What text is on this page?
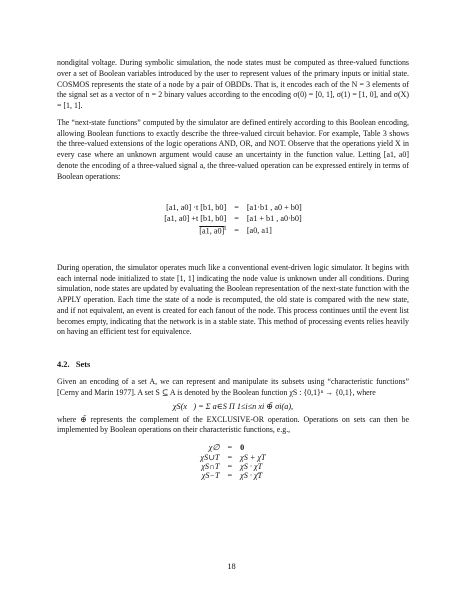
nondigital voltage. During symbolic simulation, the node states must be computed as three-valued functions over a set of Boolean variables introduced by the user to represent values of the primary inputs or initial state. COSMOS represents the state of a node by a pair of OBDDs. That is, it encodes each of the N = 3 elements of the signal set as a vector of n = 2 binary values according to the encoding σ(0) = [0, 1], σ(1) = [1, 0], and σ(X) = [1, 1].

The “next-state functions” computed by the simulator are defined entirely according to this Boolean encoding, allowing Boolean functions to exactly describe the three-valued circuit behavior. For example, Table 3 shows the three-valued extensions of the logic operations AND, OR, and NOT. Observe that the operations yield X in every case where an unknown argument would cause an uncertainty in the function value. Letting [a1, a0] denote the encoding of a three-valued signal a, the three-valued operation can be expressed entirely in terms of Boolean operations:

[a1, a0] ·t [b1, b0]	=	[a1·b1 , a0 + b0]
[a1, a0] +t [b1, b0]	=	[a1 + b1 , a0·b0]
[a1, a0]$^t$	=	[a0, a1]

During operation, the simulator operates much like a conventional event-driven logic simulator. It begins with each internal node initialized to state [1, 1] indicating the node value is unknown under all conditions. During simulation, node states are updated by evaluating the Boolean representation of the next-state function with the APPLY operation. Each time the state of a node is recomputed, the old state is compared with the new state, and if not equivalent, an event is created for each fanout of the node. This process continues until the event list becomes empty, indicating that the network is in a stable state. This method of processing events relies heavily on having an efficient test for equivalence.

4.2. Sets

Given an encoding of a set A, we can represent and manipulate its subsets using “characteristic functions” [Cerny and Marin 1977]. A set S ⊆ A is denoted by the Boolean function χS : {0,1}ⁿ → {0,1}, where

χS(x⃗) = Σ a∈S Π 1≤i≤n xi ⊕̄ σi(a),

where ⊕̄ represents the complement of the EXCLUSIVE-OR operation. Operations on sets can then be implemented by Boolean operations on their characteristic functions, e.g.,

χ∅	=	0
χS∪T	=	χS + χT
χS∩T	=	χS · χT
χS−T	=	χS · χ̄T
18
